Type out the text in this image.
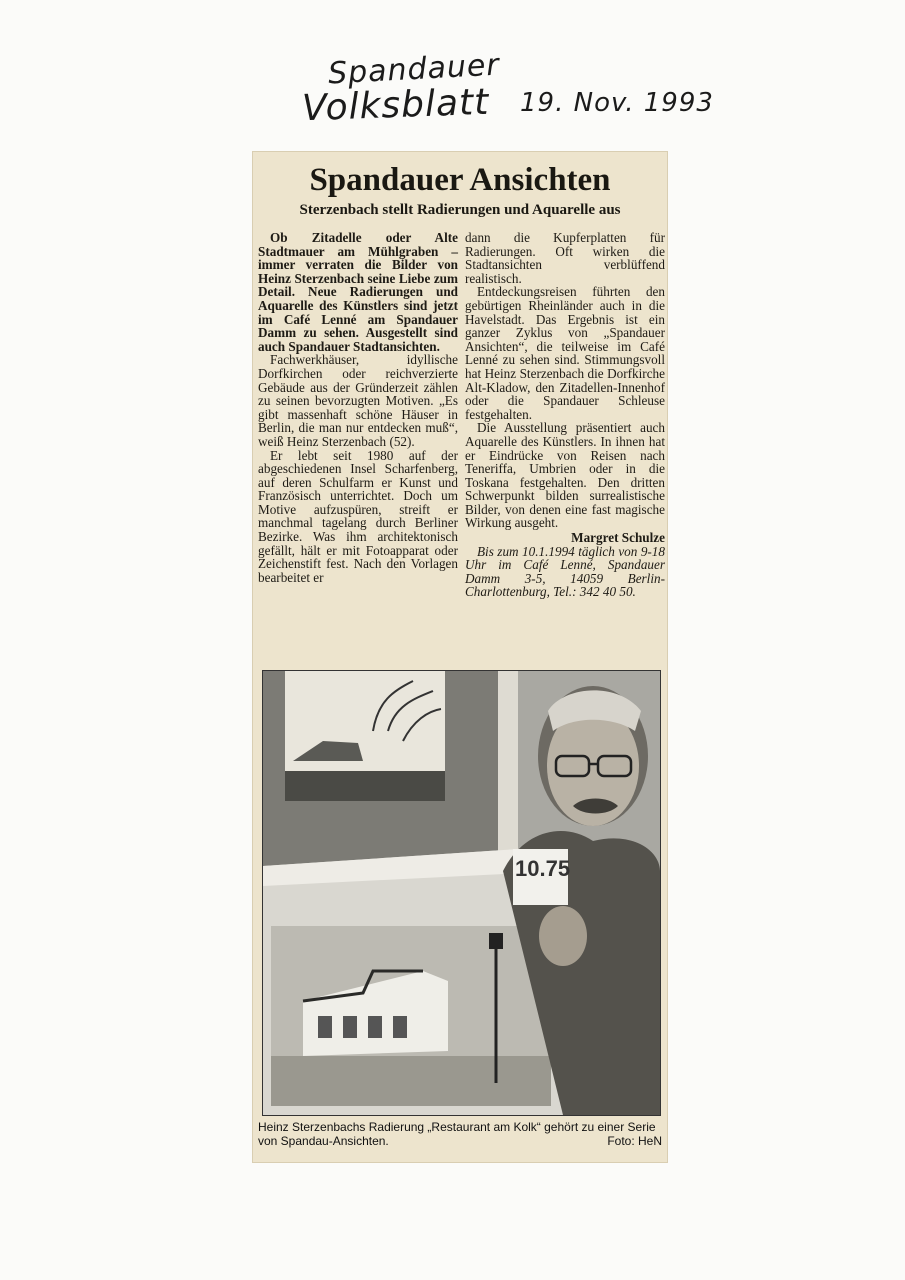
Spandauer
Volksblatt 19. Nov. 1993
Spandauer Ansichten
Sterzenbach stellt Radierungen und Aquarelle aus

Ob Zitadelle oder Alte Stadtmauer am Mühlgraben – immer verraten die Bilder von Heinz Sterzenbach seine Liebe zum Detail. Neue Radierungen und Aquarelle des Künstlers sind jetzt im Café Lenné am Spandauer Damm zu sehen. Ausgestellt sind auch Spandauer Stadtansichten.

Fachwerkhäuser, idyllische Dorfkirchen oder reichverzierte Gebäude aus der Gründerzeit zählen zu seinen bevorzugten Motiven. „Es gibt massenhaft schöne Häuser in Berlin, die man nur entdecken muß“, weiß Heinz Sterzenbach (52).

Er lebt seit 1980 auf der abgeschiedenen Insel Scharfenberg, auf deren Schulfarm er Kunst und Französisch unterrichtet. Doch um Motive aufzuspüren, streift er manchmal tagelang durch Berliner Bezirke. Was ihm architektonisch gefällt, hält er mit Fotoapparat oder Zeichenstift fest. Nach den Vorlagen bearbeitet er

dann die Kupferplatten für Radierungen. Oft wirken die Stadtansichten verblüffend realistisch.

Entdeckungsreisen führten den gebürtigen Rheinländer auch in die Havelstadt. Das Ergebnis ist ein ganzer Zyklus von „Spandauer Ansichten“, die teilweise im Café Lenné zu sehen sind. Stimmungsvoll hat Heinz Sterzenbach die Dorfkirche Alt-Kladow, den Zitadellen-Innenhof oder die Spandauer Schleuse festgehalten.

Die Ausstellung präsentiert auch Aquarelle des Künstlers. In ihnen hat er Eindrücke von Reisen nach Teneriffa, Umbrien oder in die Toskana festgehalten. Den dritten Schwerpunkt bilden surrealistische Bilder, von denen eine fast magische Wirkung ausgeht.

Margret Schulze

Bis zum 10.1.1994 täglich von 9-18 Uhr im Café Lenné, Spandauer Damm 3-5, 14059 Berlin-Charlottenburg, Tel.: 342 40 50.

10.75
Heinz Sterzenbachs Radierung „Restaurant am Kolk“ gehört zu einer Serie von Spandau-Ansichten.	Foto: HeN
